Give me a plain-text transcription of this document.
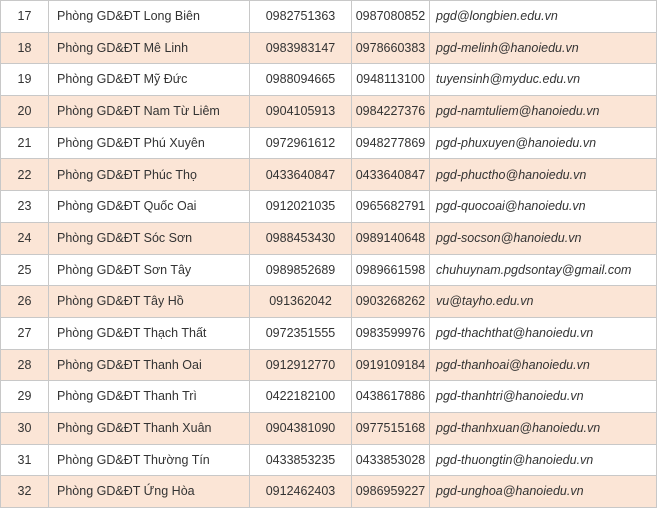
17	Phòng GD&ĐT Long Biên	0982751363	0987080852	pgd@longbien.edu.vn
18	Phòng GD&ĐT Mê Linh	0983983147	0978660383	pgd-melinh@hanoiedu.vn
19	Phòng GD&ĐT Mỹ Đức	0988094665	0948113100	tuyensinh@myduc.edu.vn
20	Phòng GD&ĐT Nam Từ Liêm	0904105913	0984227376	pgd-namtuliem@hanoiedu.vn
21	Phòng GD&ĐT Phú Xuyên	0972961612	0948277869	pgd-phuxuyen@hanoiedu.vn
22	Phòng GD&ĐT Phúc Thọ	0433640847	0433640847	pgd-phuctho@hanoiedu.vn
23	Phòng GD&ĐT Quốc Oai	0912021035	0965682791	pgd-quocoai@hanoiedu.vn
24	Phòng GD&ĐT Sóc Sơn	0988453430	0989140648	pgd-socson@hanoiedu.vn
25	Phòng GD&ĐT Sơn Tây	0989852689	0989661598	chuhuynam.pgdsontay@gmail.com
26	Phòng GD&ĐT Tây Hồ	091362042	0903268262	vu@tayho.edu.vn
27	Phòng GD&ĐT Thạch Thất	0972351555	0983599976	pgd-thachthat@hanoiedu.vn
28	Phòng GD&ĐT Thanh Oai	0912912770	0919109184	pgd-thanhoai@hanoiedu.vn
29	Phòng GD&ĐT Thanh Trì	0422182100	0438617886	pgd-thanhtri@hanoiedu.vn
30	Phòng GD&ĐT Thanh Xuân	0904381090	0977515168	pgd-thanhxuan@hanoiedu.vn
31	Phòng GD&ĐT Thường Tín	0433853235	0433853028	pgd-thuongtin@hanoiedu.vn
32	Phòng GD&ĐT Ứng Hòa	0912462403	0986959227	pgd-unghoa@hanoiedu.vn
